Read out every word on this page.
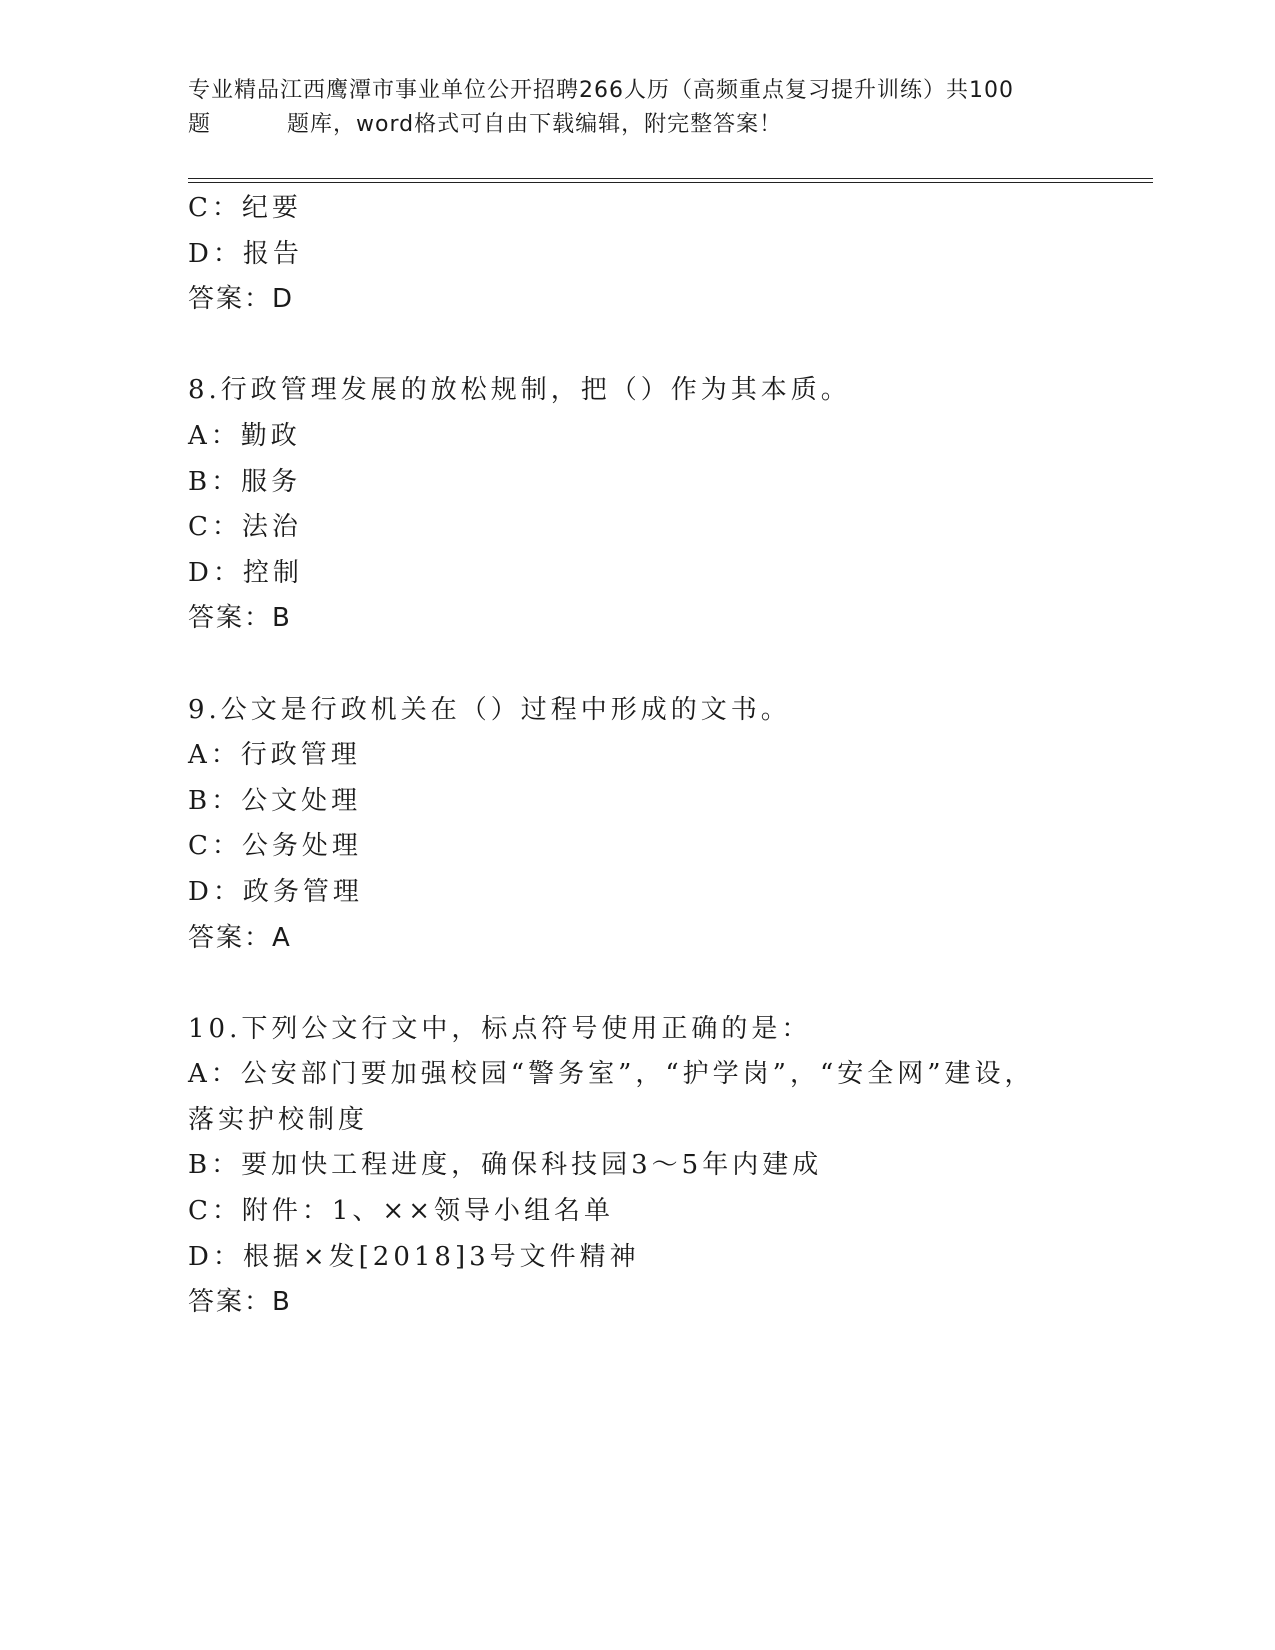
专业精品江西鹰潭市事业单位公开招聘266人历（高频重点复习提升训练）共100
题	题库，word格式可自由下载编辑，附完整答案！
C：纪要
D：报告
答案：D
8.行政管理发展的放松规制，把（）作为其本质。
A：勤政
B：服务
C：法治
D：控制
答案：B
9.公文是行政机关在（）过程中形成的文书。
A：行政管理
B：公文处理
C：公务处理
D：政务管理
答案：A
10.下列公文行文中，标点符号使用正确的是：
A：公安部门要加强校园“警务室”，“护学岗”，“安全网”建设，
落实护校制度
B：要加快工程进度，确保科技园3～5年内建成
C：附件：1、××领导小组名单
D：根据×发[2018]3号文件精神
答案：B
